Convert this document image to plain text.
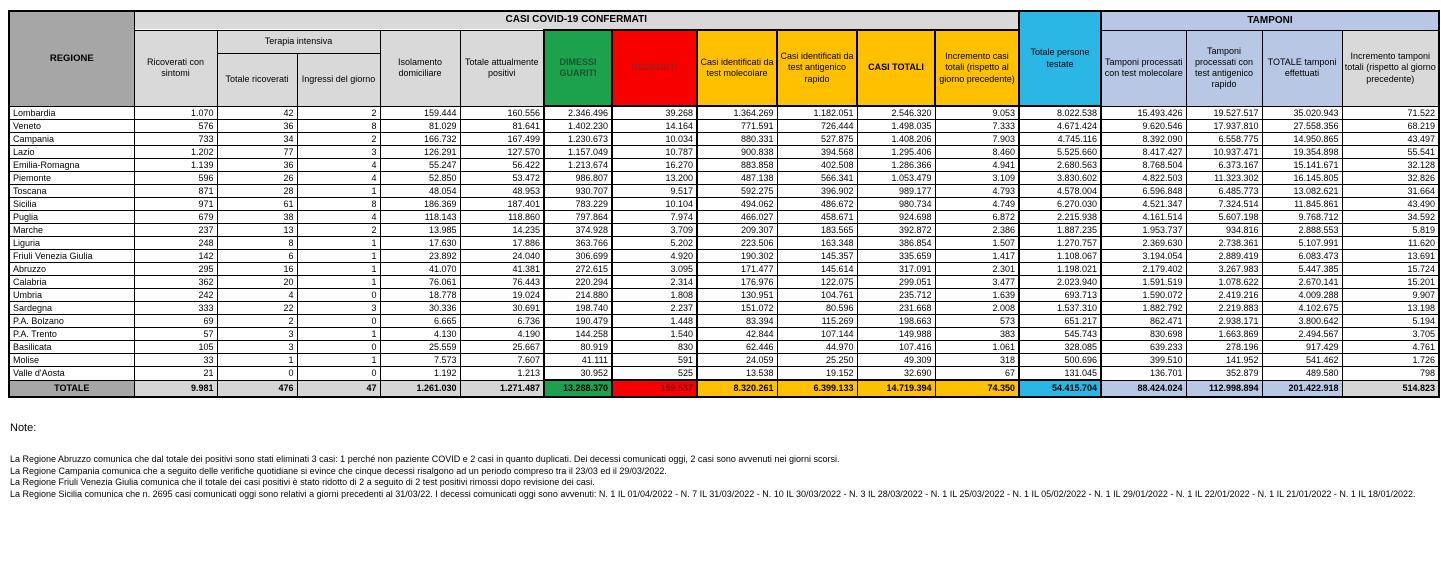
REGIONE	CASI COVID-19 CONFERMATI											Totale persone testate	TAMPONI			
	Ricoverati con sintomi	Terapia intensiva		Isolamento domiciliare	Totale attualmente positivi	DIMESSI GUARITI	DECEDUTI	Casi identificati da test molecolare	Casi identificati da test antigenico rapido	CASI TOTALI	Incremento casi totali (rispetto al giorno precedente)		Tamponi processati con test molecolare	Tamponi processati con test antigenico rapido	TOTALE tamponi effettuati	Incremento tamponi totali (rispetto al giorno precedente)
		Totale ricoverati	Ingressi del giorno													
Lombardia	1.070	42	2	159.444	160.556	2.346.496	39.268	1.364.269	1.182.051	2.546.320	9.053	8.022.538	15.493.426	19.527.517	35.020.943	71.522
Veneto	576	36	8	81.029	81.641	1.402.230	14.164	771.591	726.444	1.498.035	7.333	4.671.424	9.620.546	17.937.810	27.558.356	68.219
Campania	733	34	2	166.732	167.499	1.230.673	10.034	880.331	527.875	1.408.206	7.903	4.745.116	8.392.090	6.558.775	14.950.865	43.497
Lazio	1.202	77	3	126.291	127.570	1.157.049	10.787	900.838	394.568	1.295.406	8.460	5.525.660	8.417.427	10.937.471	19.354.898	55.541
Emilia-Romagna	1.139	36	4	55.247	56.422	1.213.674	16.270	883.858	402.508	1.286.366	4.941	2.680.563	8.768.504	6.373.167	15.141.671	32.128
Piemonte	596	26	4	52.850	53.472	986.807	13.200	487.138	566.341	1.053.479	3.109	3.830.602	4.822.503	11.323.302	16.145.805	32.826
Toscana	871	28	1	48.054	48.953	930.707	9.517	592.275	396.902	989.177	4.793	4.578.004	6.596.848	6.485.773	13.082.621	31.664
Sicilia	971	61	8	186.369	187.401	783.229	10.104	494.062	486.672	980.734	4.749	6.270.030	4.521.347	7.324.514	11.845.861	43.490
Puglia	679	38	4	118.143	118.860	797.864	7.974	466.027	458.671	924.698	6.872	2.215.938	4.161.514	5.607.198	9.768.712	34.592
Marche	237	13	2	13.985	14.235	374.928	3.709	209.307	183.565	392.872	2.386	1.887.235	1.953.737	934.816	2.888.553	5.819
Liguria	248	8	1	17.630	17.886	363.766	5.202	223.506	163.348	386.854	1.507	1.270.757	2.369.630	2.738.361	5.107.991	11.620
Friuli Venezia Giulia	142	6	1	23.892	24.040	306.699	4.920	190.302	145.357	335.659	1.417	1.108.067	3.194.054	2.889.419	6.083.473	13.691
Abruzzo	295	16	1	41.070	41.381	272.615	3.095	171.477	145.614	317.091	2.301	1.198.021	2.179.402	3.267.983	5.447.385	15.724
Calabria	362	20	1	76.061	76.443	220.294	2.314	176.976	122.075	299.051	3.477	2.023.940	1.591.519	1.078.622	2.670.141	15.201
Umbria	242	4	0	18.778	19.024	214.880	1.808	130.951	104.761	235.712	1.639	693.713	1.590.072	2.419.216	4.009.288	9.907
Sardegna	333	22	3	30.336	30.691	198.740	2.237	151.072	80.596	231.668	2.008	1.537.310	1.882.792	2.219.883	4.102.675	13.198
P.A. Bolzano	69	2	0	6.665	6.736	190.479	1.448	83.394	115.269	198.663	573	651.217	862.471	2.938.171	3.800.642	5.194
P.A. Trento	57	3	1	4.130	4.190	144.258	1.540	42.844	107.144	149.988	383	545.743	830.698	1.663.869	2.494.567	3.705
Basilicata	105	3	0	25.559	25.667	80.919	830	62.446	44.970	107.416	1.061	328.085	639.233	278.196	917.429	4.761
Molise	33	1	1	7.573	7.607	41.111	591	24.059	25.250	49.309	318	500.696	399.510	141.952	541.462	1.726
Valle d'Aosta	21	0	0	1.192	1.213	30.952	525	13.538	19.152	32.690	67	131.045	136.701	352.879	489.580	798
TOTALE	9.981	476	47	1.261.030	1.271.487	13.288.370	159.537	8.320.261	6.399.133	14.719.394	74.350	54.415.704	88.424.024	112.998.894	201.422.918	514.823
Note:
La Regione Abruzzo comunica che dal totale dei positivi sono stati eliminati 3 casi: 1 perché non paziente COVID e 2 casi in quanto duplicati. Dei decessi comunicati oggi, 2 casi sono avvenuti nei giorni scorsi.
La Regione Campania comunica che a seguito delle verifiche quotidiane si evince che cinque decessi risalgono ad un periodo compreso tra il 23/03 ed il 29/03/2022.
La Regione Friuli Venezia Giulia comunica che il totale dei casi positivi è stato ridotto di 2 a seguito di 2 test positivi rimossi dopo revisione dei casi.
La Regione Sicilia comunica che n. 2695 casi comunicati oggi sono relativi a giorni precedenti al 31/03/22. I decessi comunicati oggi sono avvenuti: N. 1 IL 01/04/2022 - N. 7 IL 31/03/2022 - N. 10 IL 30/03/2022 - N. 3 IL 28/03/2022 - N. 1 IL 25/03/2022 - N. 1 IL 05/02/2022 - N. 1 IL 29/01/2022 - N. 1 IL 22/01/2022 - N. 1 IL 21/01/2022 - N. 1 IL 18/01/2022.
